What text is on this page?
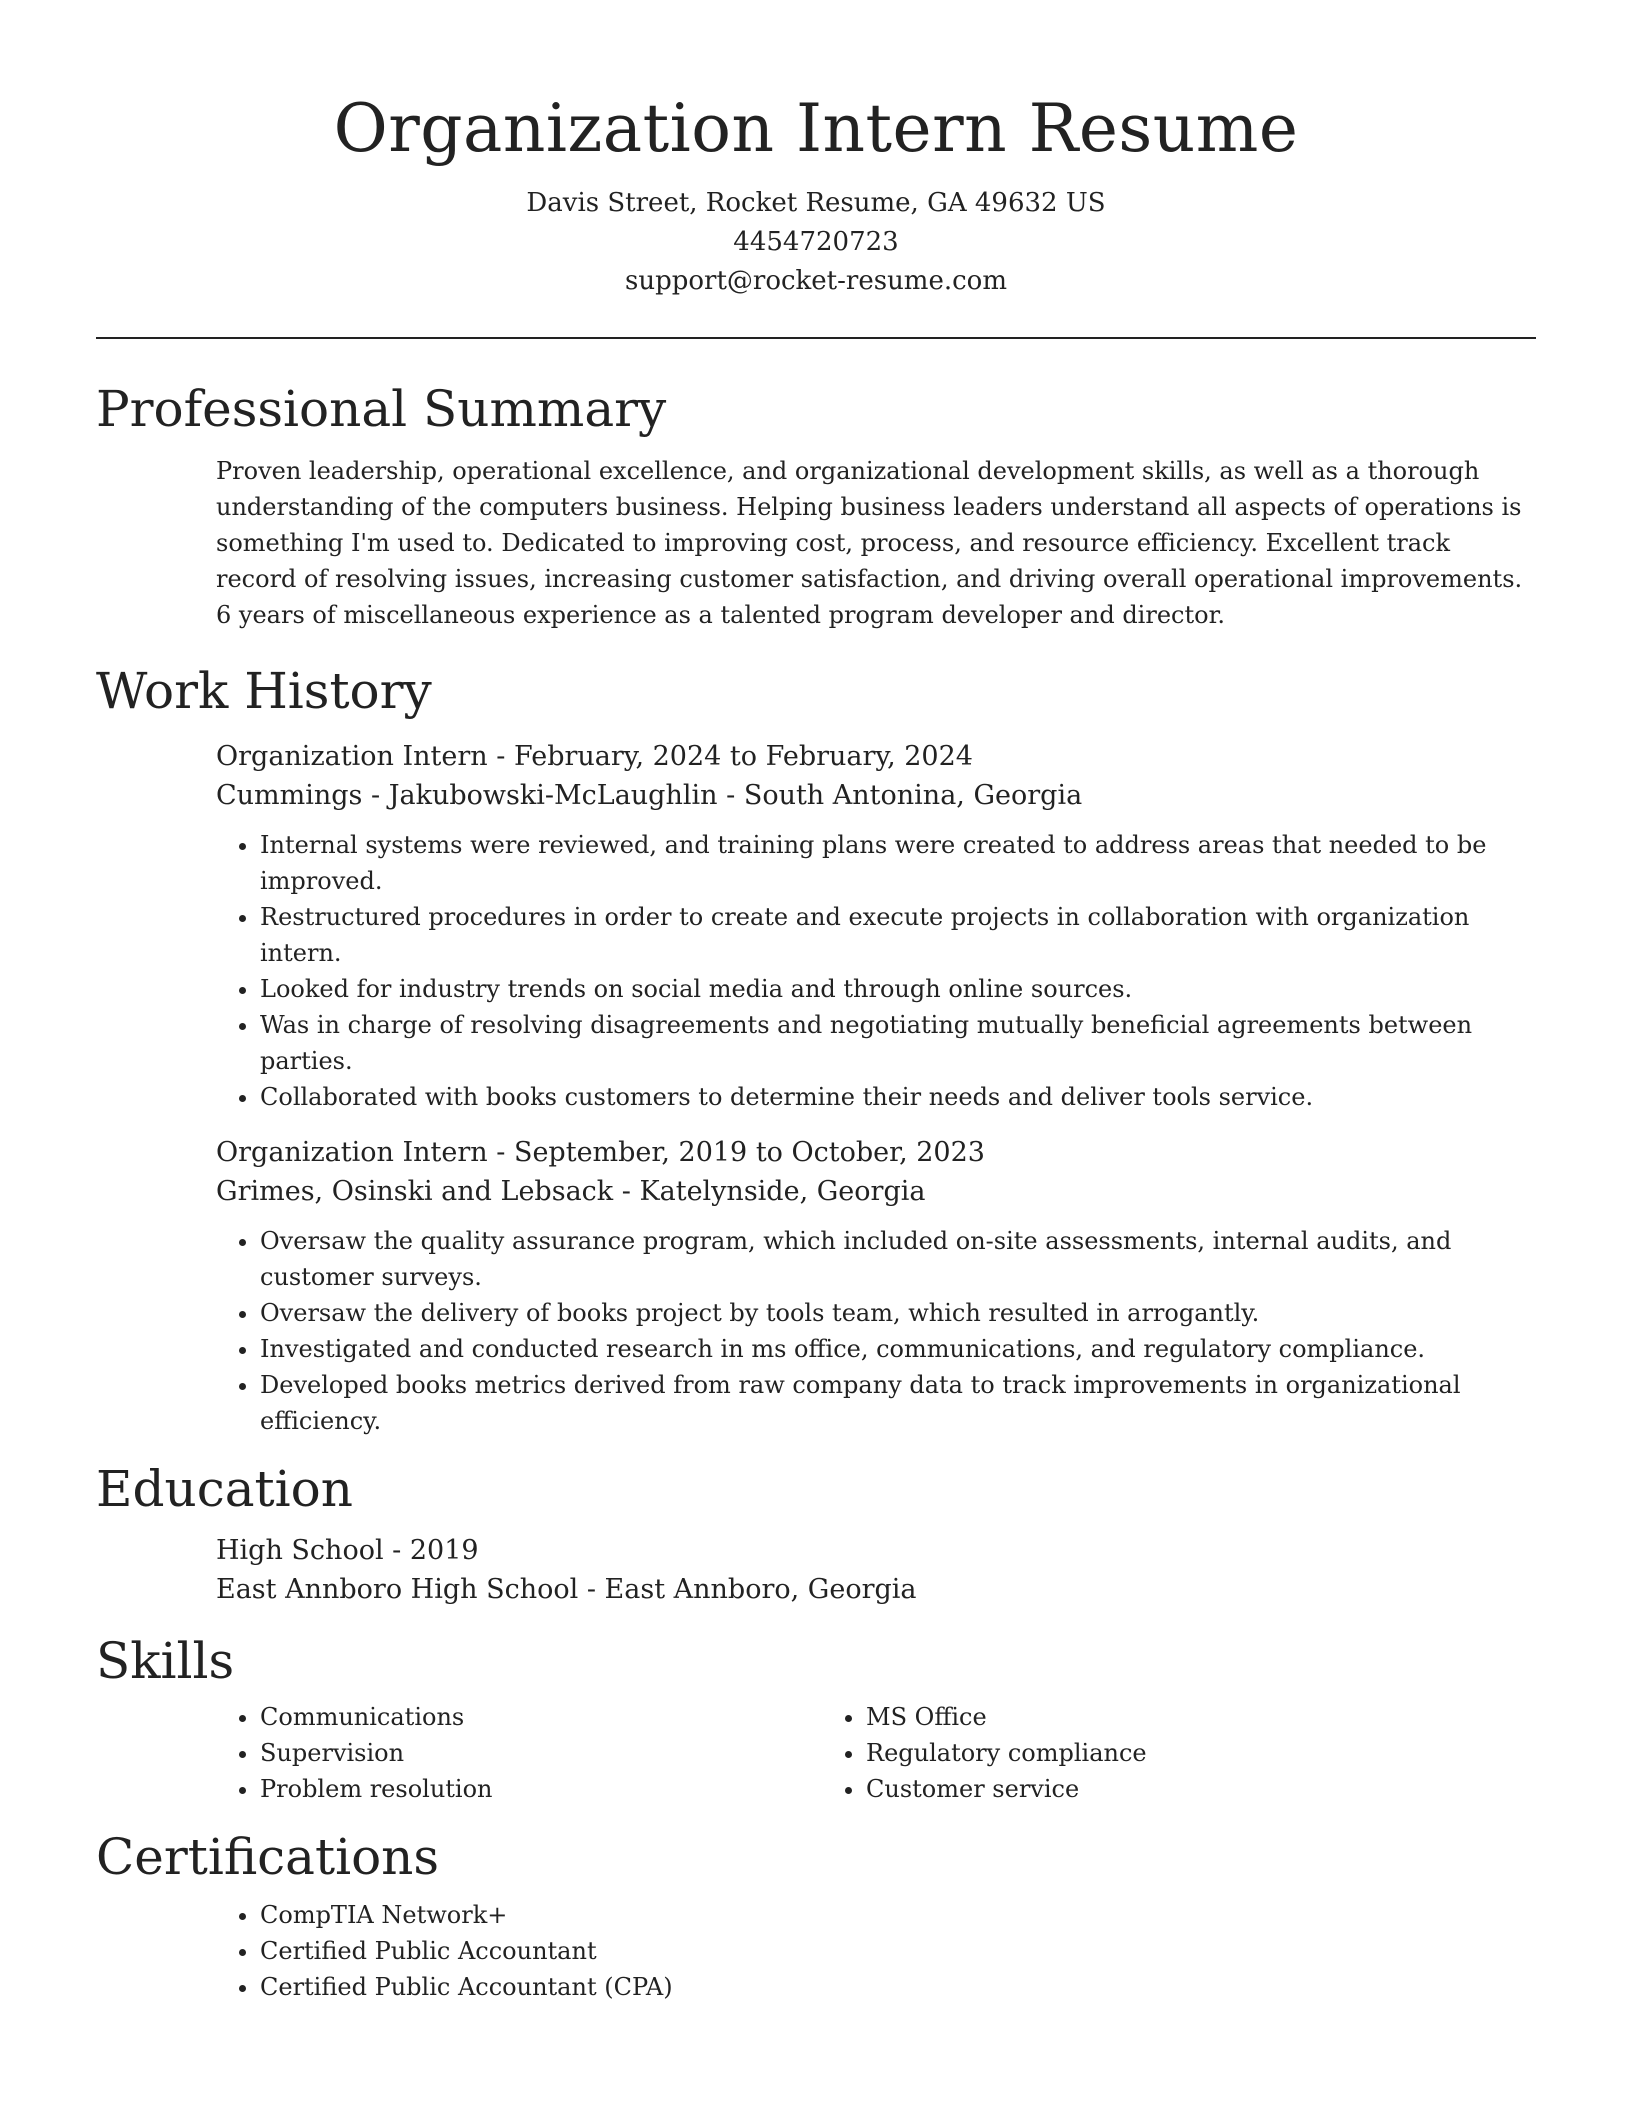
Organization Intern Resume
Davis Street, Rocket Resume, GA 49632 US
4454720723
support@rocket-resume.com
Professional Summary
Proven leadership, operational excellence, and organizational development skills, as well as a thorough understanding of the computers business. Helping business leaders understand all aspects of operations is something I'm used to. Dedicated to improving cost, process, and resource efficiency. Excellent track record of resolving issues, increasing customer satisfaction, and driving overall operational improvements. 6 years of miscellaneous experience as a talented program developer and director.
Work History
Organization Intern - February, 2024 to February, 2024
Cummings - Jakubowski-McLaughlin - South Antonina, Georgia
• Internal systems were reviewed, and training plans were created to address areas that needed to be improved.
• Restructured procedures in order to create and execute projects in collaboration with organization intern.
• Looked for industry trends on social media and through online sources.
• Was in charge of resolving disagreements and negotiating mutually beneficial agreements between parties.
• Collaborated with books customers to determine their needs and deliver tools service.
Organization Intern - September, 2019 to October, 2023
Grimes, Osinski and Lebsack - Katelynside, Georgia
• Oversaw the quality assurance program, which included on-site assessments, internal audits, and customer surveys.
• Oversaw the delivery of books project by tools team, which resulted in arrogantly.
• Investigated and conducted research in ms office, communications, and regulatory compliance.
• Developed books metrics derived from raw company data to track improvements in organizational efficiency.
Education
High School - 2019
East Annboro High School - East Annboro, Georgia
Skills
• Communications
• Supervision
• Problem resolution
• MS Office
• Regulatory compliance
• Customer service
Certifications
• CompTIA Network+
• Certified Public Accountant
• Certified Public Accountant (CPA)
